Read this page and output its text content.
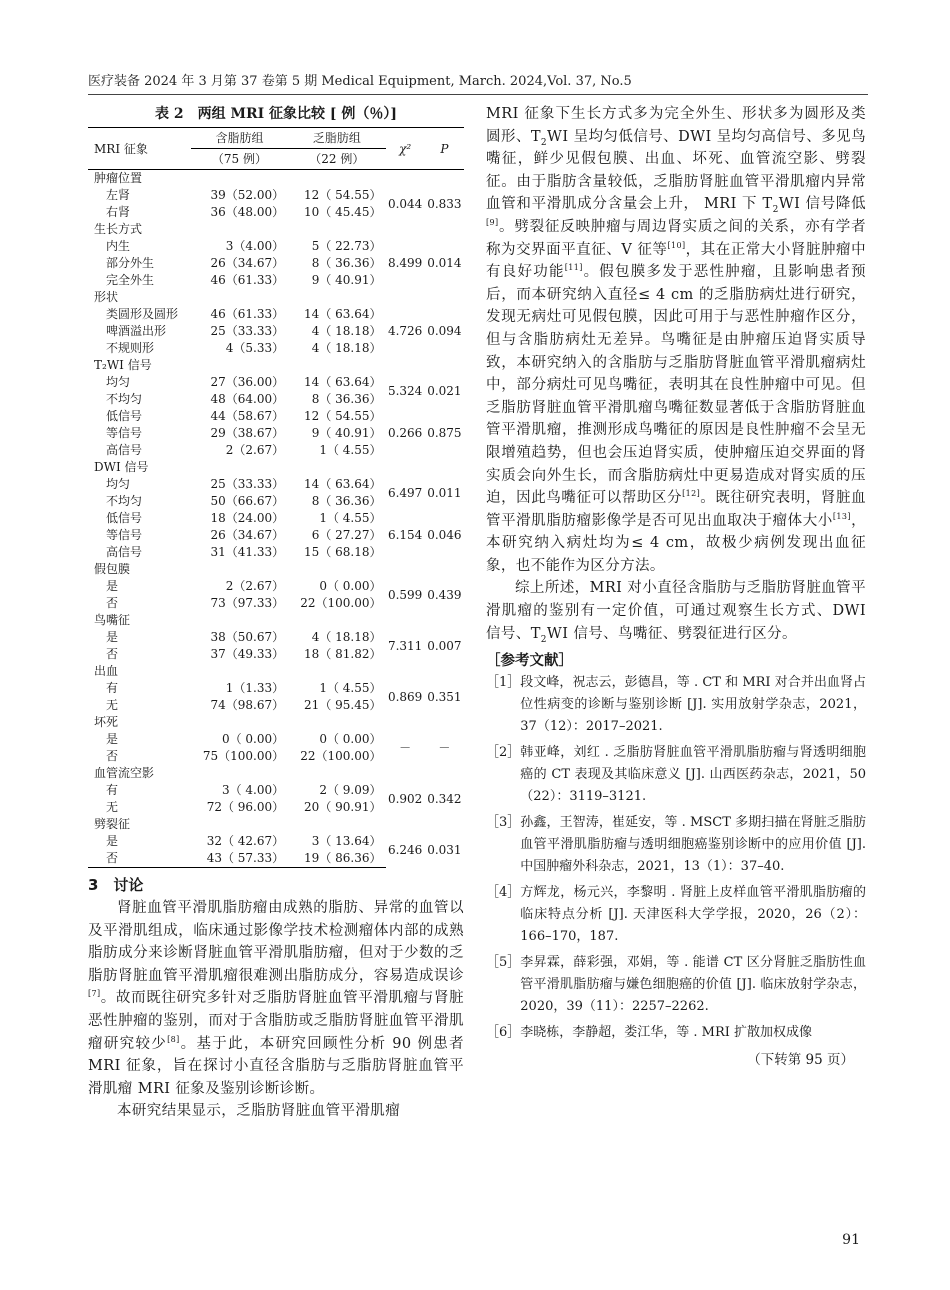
医疗装备 2024 年 3 月第 37 卷第 5 期 Medical Equipment, March. 2024,Vol. 37, No.5
表 2　两组 MRI 征象比较 [ 例（％）]
MRI 征象	含脂肪组	乏脂肪组	χ²	P
	（75 例）	（22 例）		
肿瘤位置				
左肾	39（52.00）	12（ 54.55）	0.044	0.833
右肾	36（48.00）	10（ 45.45）		
生长方式				
内生	3（4.00）	5（ 22.73）	8.499	0.014
部分外生	26（34.67）	8（ 36.36）		
完全外生	46（61.33）	9（ 40.91）		
形状				
类圆形及圆形	46（61.33）	14（ 63.64）	4.726	0.094
啤酒溢出形	25（33.33）	4（ 18.18）		
不规则形	4（5.33）	4（ 18.18）		
T₂WI 信号				
均匀	27（36.00）	14（ 63.64）	5.324	0.021
不均匀	48（64.00）	8（ 36.36）		
低信号	44（58.67）	12（ 54.55）	0.266	0.875
等信号	29（38.67）	9（ 40.91）		
高信号	2（2.67）	1（ 4.55）		
DWI 信号				
均匀	25（33.33）	14（ 63.64）	6.497	0.011
不均匀	50（66.67）	8（ 36.36）		
低信号	18（24.00）	1（ 4.55）	6.154	0.046
等信号	26（34.67）	6（ 27.27）		
高信号	31（41.33）	15（ 68.18）		
假包膜				
是	2（2.67）	0（ 0.00）	0.599	0.439
否	73（97.33）	22（100.00）		
鸟嘴征				
是	38（50.67）	4（ 18.18）	7.311	0.007
否	37（49.33）	18（ 81.82）		
出血				
有	1（1.33）	1（ 4.55）	0.869	0.351
无	74（98.67）	21（ 95.45）		
坏死				
是	0（ 0.00）	0（ 0.00）	－	－
否	75（100.00）	22（100.00）		
血管流空影				
有	3（ 4.00）	2（ 9.09）	0.902	0.342
无	72（ 96.00）	20（ 90.91）		
劈裂征				
是	32（ 42.67）	3（ 13.64）	6.246	0.031
否	43（ 57.33）	19（ 86.36）		
3　讨论

肾脏血管平滑肌脂肪瘤由成熟的脂肪、异常的血管以及平滑肌组成，临床通过影像学技术检测瘤体内部的成熟脂肪成分来诊断肾脏血管平滑肌脂肪瘤，但对于少数的乏脂肪肾脏血管平滑肌瘤很难测出脂肪成分，容易造成误诊[7]。故而既往研究多针对乏脂肪肾脏血管平滑肌瘤与肾脏恶性肿瘤的鉴别，而对于含脂肪或乏脂肪肾脏血管平滑肌瘤研究较少[8]。基于此，本研究回顾性分析 90 例患者 MRI 征象，旨在探讨小直径含脂肪与乏脂肪肾脏血管平滑肌瘤 MRI 征象及鉴别诊断诊断。

本研究结果显示，乏脂肪肾脏血管平滑肌瘤

MRI 征象下生长方式多为完全外生、形状多为圆形及类圆形、$T_2WI$ 呈均匀低信号、DWI 呈均匀高信号、多见鸟嘴征，鲜少见假包膜、出血、坏死、血管流空影、劈裂征。由于脂肪含量较低，乏脂肪肾脏血管平滑肌瘤内异常血管和平滑肌成分含量会上升， MRI 下 $T_2WI$ 信号降低[9]。劈裂征反映肿瘤与周边肾实质之间的关系，亦有学者称为交界面平直征、V 征等[10]，其在正常大小肾脏肿瘤中有良好功能[11]。假包膜多发于恶性肿瘤，且影响患者预后，而本研究纳入直径≤ 4 cm 的乏脂肪病灶进行研究，发现无病灶可见假包膜，因此可用于与恶性肿瘤作区分，但与含脂肪病灶无差异。鸟嘴征是由肿瘤压迫肾实质导致，本研究纳入的含脂肪与乏脂肪肾脏血管平滑肌瘤病灶中，部分病灶可见鸟嘴征，表明其在良性肿瘤中可见。但乏脂肪肾脏血管平滑肌瘤鸟嘴征数显著低于含脂肪肾脏血管平滑肌瘤，推测形成鸟嘴征的原因是良性肿瘤不会呈无限增殖趋势，但也会压迫肾实质，使肿瘤压迫交界面的肾实质会向外生长，而含脂肪病灶中更易造成对肾实质的压迫，因此鸟嘴征可以帮助区分[12]。既往研究表明，肾脏血管平滑肌脂肪瘤影像学是否可见出血取决于瘤体大小[13]，本研究纳入病灶均为≤ 4 cm，故极少病例发现出血征象，也不能作为区分方法。

综上所述，MRI 对小直径含脂肪与乏脂肪肾脏血管平滑肌瘤的鉴别有一定价值，可通过观察生长方式、DWI 信号、$T_2WI$ 信号、鸟嘴征、劈裂征进行区分。

［参考文献］
［1］ 段文峰，祝志云，彭德昌，等 . CT 和 MRI 对合并出血肾占位性病变的诊断与鉴别诊断 [J]. 实用放射学杂志，2021，37（12）：2017–2021.
［2］ 韩亚峰，刘红 . 乏脂肪肾脏血管平滑肌脂肪瘤与肾透明细胞癌的 CT 表现及其临床意义 [J]. 山西医药杂志，2021，50（22）：3119–3121.
［3］ 孙鑫，王智涛，崔延安，等 . MSCT 多期扫描在肾脏乏脂肪血管平滑肌脂肪瘤与透明细胞癌鉴别诊断中的应用价值 [J]. 中国肿瘤外科杂志，2021，13（1）：37–40.
［4］ 方辉龙，杨元兴，李黎明 . 肾脏上皮样血管平滑肌脂肪瘤的临床特点分析 [J]. 天津医科大学学报，2020，26（2）：166–170，187.
［5］ 李昇霖，薛彩强，邓娟，等 . 能谱 CT 区分肾脏乏脂肪性血管平滑肌脂肪瘤与嫌色细胞癌的价值 [J]. 临床放射学杂志，2020，39（11）：2257–2262.
［6］ 李晓栋，李静超，娄江华，等 . MRI 扩散加权成像
（下转第 95 页）
91
